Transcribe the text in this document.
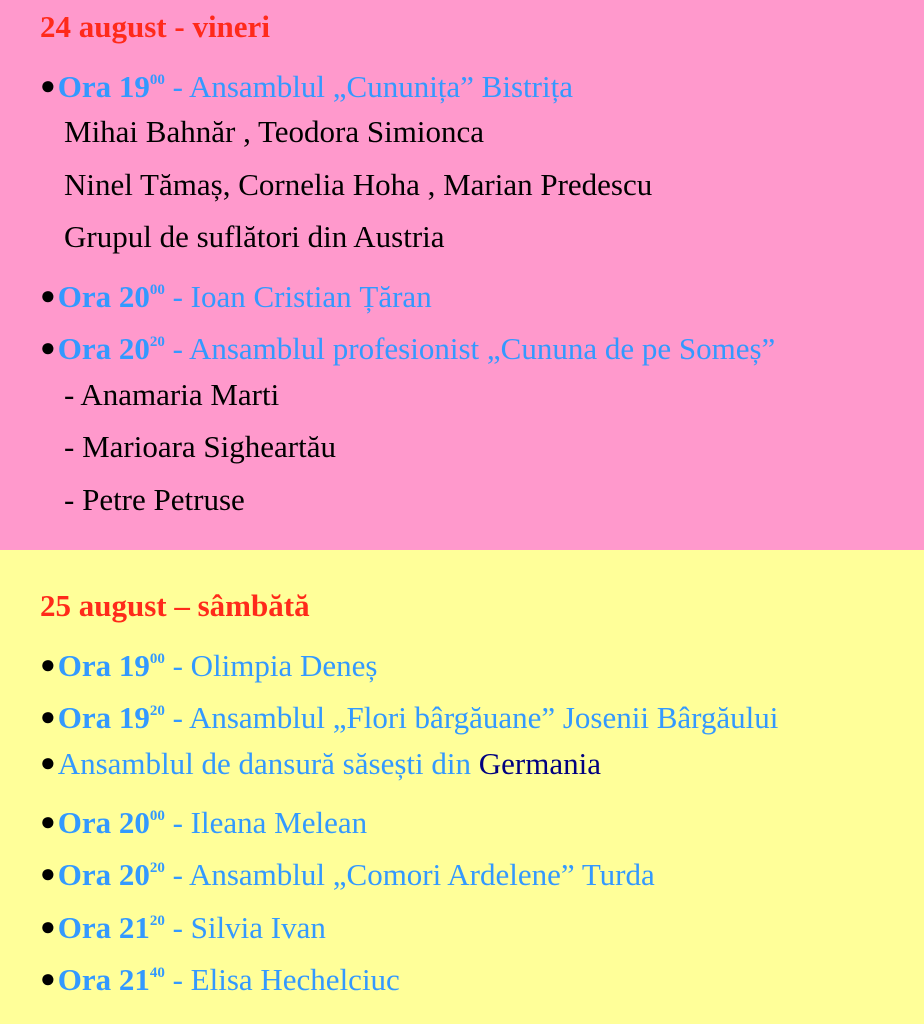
24 august - vineri
●Ora $19^{00}$ - Ansamblul „Cununița” Bistrița
Mihai Bahnăr , Teodora Simionca
Ninel Tămaș, Cornelia Hoha , Marian Predescu
Grupul de suflători din Austria
●Ora $20^{00}$ - Ioan Cristian Țăran
●Ora $20^{20}$ - Ansamblul profesionist „Cununa de pe Someș”
- Anamaria Marti
- Marioara Sigheartău
- Petre Petruse
25 august – sâmbătă
●Ora $19^{00}$ - Olimpia Deneș
●Ora $19^{20}$ - Ansamblul „Flori bârgăuane” Josenii Bârgăului
●Ansamblul de dansură săsești din Germania
●Ora $20^{00}$ - Ileana Melean
●Ora $20^{20}$ - Ansamblul „Comori Ardelene” Turda
●Ora $21^{20}$ - Silvia Ivan
●Ora $21^{40}$ - Elisa Hechelciuc
